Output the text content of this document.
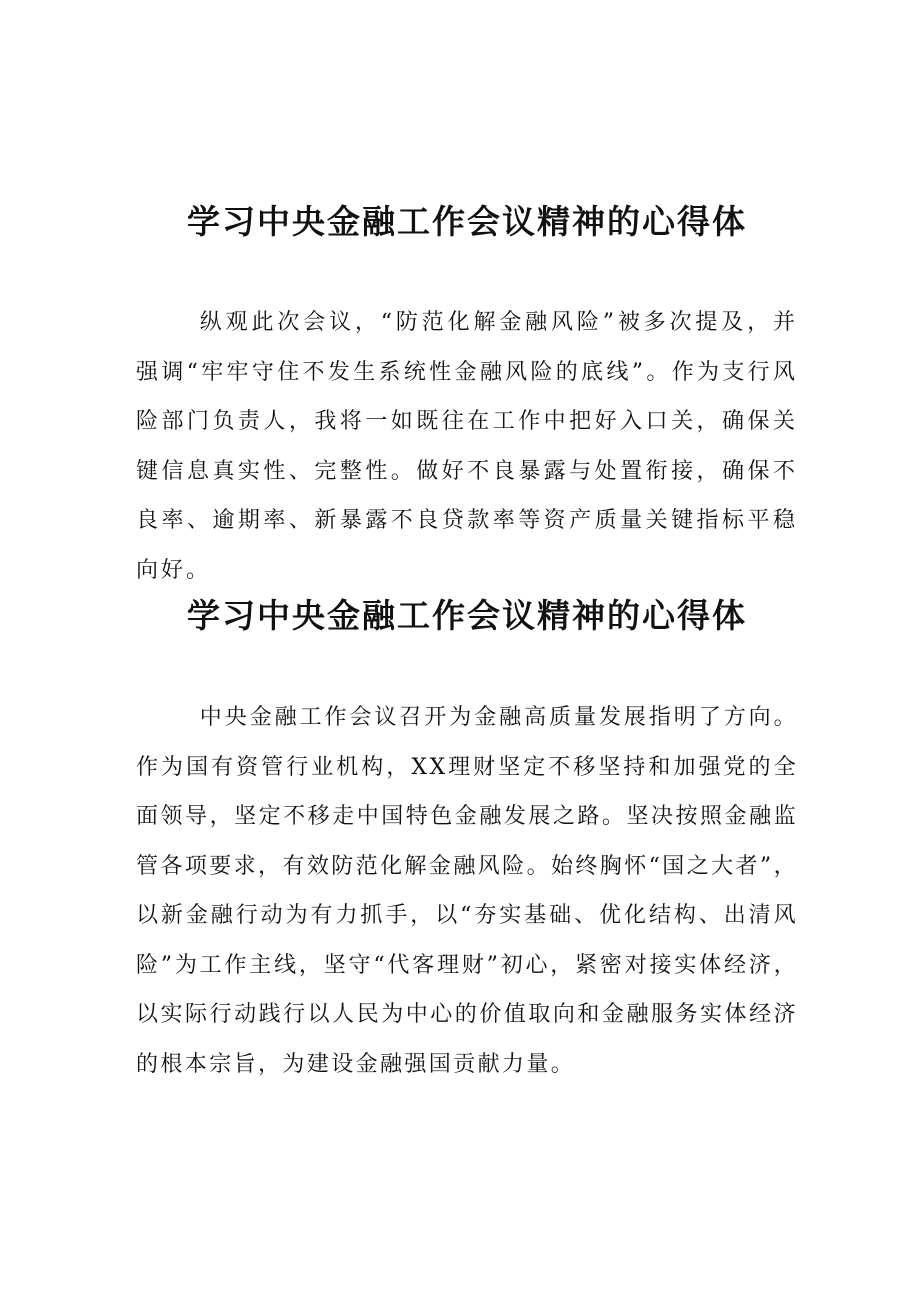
学习中央金融工作会议精神的心得体

纵观此次会议，“防范化解金融风险”被多次提及，并强调“牢牢守住不发生系统性金融风险的底线”。作为支行风险部门负责人，我将一如既往在工作中把好入口关，确保关键信息真实性、完整性。做好不良暴露与处置衔接，确保不良率、逾期率、新暴露不良贷款率等资产质量关键指标平稳向好。

学习中央金融工作会议精神的心得体

中央金融工作会议召开为金融高质量发展指明了方向。作为国有资管行业机构，XX理财坚定不移坚持和加强党的全面领导，坚定不移走中国特色金融发展之路。坚决按照金融监管各项要求，有效防范化解金融风险。始终胸怀“国之大者”，以新金融行动为有力抓手，以“夯实基础、优化结构、出清风险”为工作主线，坚守“代客理财”初心，紧密对接实体经济，以实际行动践行以人民为中心的价值取向和金融服务实体经济的根本宗旨，为建设金融强国贡献力量。
